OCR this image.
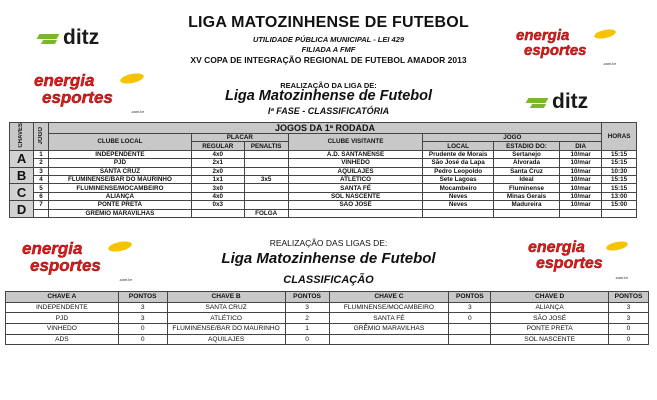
ditz	energia
esportes
.com.br
LIGA MATOZINHENSE DE FUTEBOL
UTILIDADE PÚBLICA MUNICIPAL - LEI 429
FILIADA A FMF
XV COPA DE INTEGRAÇÃO REGIONAL DE FUTEBOL AMADOR 2013
energia
esportes
.com.br
REALIZAÇÃO DA LIGA DE:
Liga Matozinhense de Futebol
Iª FASE - CLASSIFICATÓRIA	ditz
CHAVES	JOGO	JOGOS DA 1ª RODADA							HORAS
		CLUBE LOCAL	PLACAR		CLUBE VISITANTE	JOGO			
			REGULAR	PENALTIS		LOCAL	ESTADIO DO:	DIA	
A	1	INDEPENDENTE	4x0		A.D. SANTANENSE	Prudente de Morais	Sertanejo	10/mar	15:15
	2	PJD	2x1		VINHEDO	São José da Lapa	Alvorada	10/mar	15:15
B	3	SANTA CRUZ	2x0		AQUILAJES	Pedro Leopoldo	Santa Cruz	10/mar	10:30
	4	FLUMINENSE/BAR DO MAURINHO	1x1	3x5	ATLÉTICO	Sete Lagoas	Ideal	10/mar	15:15
C	5	FLUMINENSE/MOCAMBEIRO	3x0		SANTA FÉ	Mocambeiro	Fluminense	10/mar	15:15
	6	ALIANÇA	4x0		SOL NASCENTE	Neves	Minas Gerais	10/mar	13:00
D	7	PONTE PRETA	0x3		SÃO JOSÉ	Neves	Madureira	10/mar	15:00
		GRÊMIO MARAVILHAS		FOLGA					
energia
esportes
.com.br
energia
esportes
.com.br
REALIZAÇÃO DAS LIGAS DE:
Liga Matozinhense de Futebol
CLASSIFICAÇÃO
CHAVE A	PONTOS	CHAVE B	PONTOS	CHAVE C	PONTOS	CHAVE D	PONTOS
INDEPENDENTE	3	SANTA CRUZ	3	FLUMINENSE/MOCAMBEIRO	3	ALIANÇA	3
PJD	3	ATLÉTICO	2	SANTA FÉ	0	SÃO JOSÉ	3
VINHEDO	0	FLUMINENSE/BAR DO MAURINHO	1	GRÊMIO MARAVILHAS		PONTE PRETA	0
ADS	0	AQUILAJES	0			SOL NASCENTE	0
